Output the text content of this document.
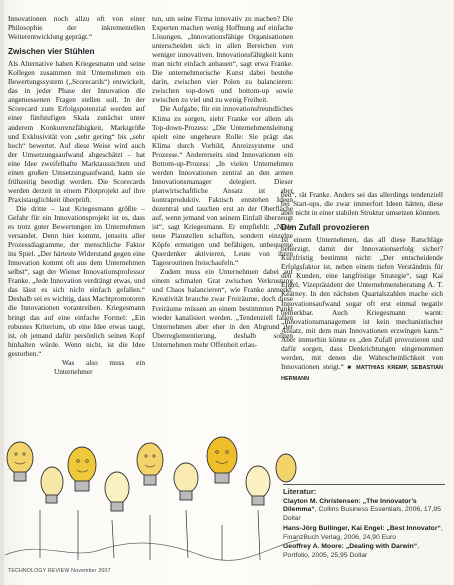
Innovationen noch allzu oft von einer Philosophie der inkrementellen Weiterentwicklung geprägt.“

Zwischen vier Stühlen

Als Alternative haben Kriegesmann und seine Kollegen zusammen mit Unternehmen ein Bewertungssystem („Scorecards“) entwickelt, das in jeder Phase der Innovation die angemessenen Fragen stellen soll. In der Scorecard zum Erfolgspotenzial werden auf einer fünfstufigen Skala zunächst unter anderem Konkurrenzfähigkeit, Marktgröße und Exklusivität von „sehr gering“ bis „sehr hoch“ bewertet. Auf diese Weise wird auch der Umsetzungsaufwand abgeschätzt – hat eine Idee zweifelhafte Marktaussichten und einen großen Umsetzungsaufwand, kann sie frühzeitig beerdigt werden. Die Scorecards werden derzeit in einem Pilotprojekt auf ihre Praxistauglichkeit überprüft.

Die dritte – laut Kriegesmann größte – Gefahr für ein Innovationsprojekt ist es, dass es trotz guter Bewertungen im Unternehmen versandet. Denn hier kommt, jenseits aller Prozessdiagramme, der menschliche Faktor ins Spiel. „Der härteste Widerstand gegen eine Innovation kommt oft aus dem Unternehmen selbst“, sagt der Wiener Innovationsprofessor Franke. „Jede Innovation verdrängt etwas, und das lässt es sich nicht einfach gefallen.“ Deshalb sei es wichtig, dass Machtpromotoren die Innovationen vorantreiben. Kriegesmann bringt das auf eine einfache Formel: „Ein robustes Kriterium, ob eine Idee etwas taugt, ist, ob jemand dafür persönlich seinen Kopf hinhalten würde. Wenn nicht, ist die Idee gestorben.“

Was also muss ein Unternehmer

tun, um seine Firma innovativ zu machen? Die Experten machen wenig Hoffnung auf einfache Lösungen. „Innovationsfähige Organisationen unterscheiden sich in allen Bereichen von weniger innovativen. Innovationsfähigkeit kann man nicht einfach anbauen“, sagt etwa Franke. Die unternehmerische Kunst dabei bestehe darin, zwischen vier Polen zu balancieren: zwischen top-down und bottom-up sowie zwischen zu viel und zu wenig Freiheit.

Die Aufgabe, für ein innovationsfreundliches Klima zu sorgen, sieht Franke vor allem als Top-down-Prozess: „Die Unternehmensleitung spielt eine ungeheure Rolle: Sie prägt das Klima durch Vorbild, Anreizsysteme und Prozesse.“ Andererseits sind Innovationen ein Bottom-up-Prozess: „In vielen Unternehmen werden Innovationen zentral an den armen Innovationsmanager delegiert. Dieser planwirtschaftliche Ansatz ist aber kontraproduktiv. Faktisch entstehen Ideen dezentral und tauchen erst an der Oberfläche auf, wenn jemand von seinem Einfall überzeugt ist“, sagt Kriegesmann. Er empfiehlt: „Nicht neue Planstellen schaffen, sondern einzelne Köpfe ermutigen und befähigen, unbequeme Querdenker aktivieren, Leute von ihren Tagesroutinen freischaufeln.“

Zudem muss ein Unternehmen dabei auf einem schmalen Grat zwischen Verkrustung und Chaos balancieren“, wie Franke anmerkt. Kreativität brauche zwar Freiräume, doch diese Freiräume müssen an einem bestimmten Punkt wieder kanalisiert werden. „Tendenziell fallen Unternehmen aber eher in den Abgrund der Überreglementierung, deshalb sollten Unternehmen mehr Offenheit erlau-

ben“, rät Franke. Anders sei das allerdings tendenziell bei Start-ups, die zwar immerfort Ideen hätten, diese aber nicht in einer stabilen Struktur umsetzen könnten.

Den Zufall provozieren

Ist einem Unternehmen, das all diese Ratschläge beherzigt, damit der Innovationserfolg sicher? Kurzfristig bestimmt nicht: „Der entscheidende Erfolgsfaktor ist, neben einem tiefen Verständnis für den Kunden, eine langfristige Strategie“, sagt Kai Engel, Vizepräsident der Unternehmensberatung A. T. Kearney. In den nächsten Quartalszahlen mache sich Innovationsaufwand sogar oft erst einmal negativ bemerkbar. Auch Kriegesmann warnt: „Innovationsmanagement ist kein mechanistischer Ansatz, mit dem man Innovationen erzwingen kann.“ Aber immerhin könne es „den Zufall provozieren und dafür sorgen, dass Denkrichtungen eingenommen werden, mit denen die Wahrscheinlichkeit von Innovationen steigt.“ ■ MATTHIAS KREMP, SEBASTIAN HERMANN

Literatur:
Clayton M. Christensen: „The Innovator’s Dilemma“, Collins Business Essentials, 2006, 17,95 Dollar
Hans-Jörg Bullinger, Kai Engel: „Best Innovator“, FinanzBuch Verlag, 2006, 24,90 Euro
Geoffrey A. Moore: „Dealing with Darwin“, Portfolio, 2005, 25,95 Dollar
TECHNOLOGY REVIEW November 2007
